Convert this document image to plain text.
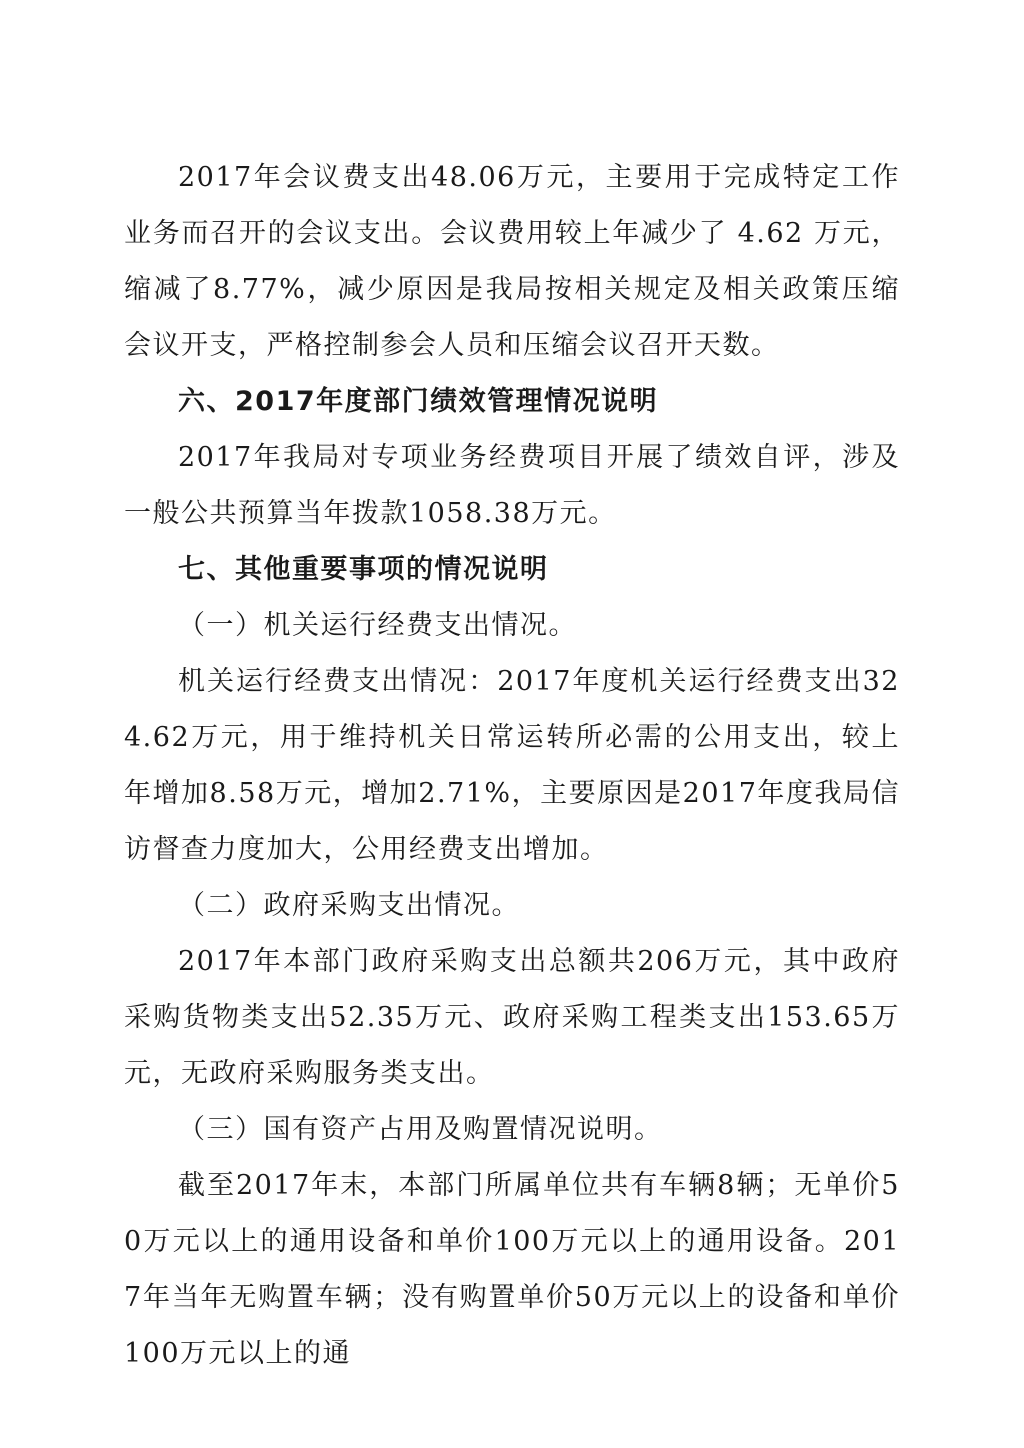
2017年会议费支出48.06万元，主要用于完成特定工作业务而召开的会议支出。会议费用较上年减少了 4.62 万元，缩减了8.77%，减少原因是我局按相关规定及相关政策压缩会议开支，严格控制参会人员和压缩会议召开天数。

六、2017年度部门绩效管理情况说明

2017年我局对专项业务经费项目开展了绩效自评，涉及一般公共预算当年拨款1058.38万元。

七、其他重要事项的情况说明

（一）机关运行经费支出情况。

机关运行经费支出情况：2017年度机关运行经费支出324.62万元，用于维持机关日常运转所必需的公用支出，较上年增加8.58万元，增加2.71%，主要原因是2017年度我局信访督查力度加大，公用经费支出增加。

（二）政府采购支出情况。

2017年本部门政府采购支出总额共206万元，其中政府采购货物类支出52.35万元、政府采购工程类支出153.65万元，无政府采购服务类支出。

（三）国有资产占用及购置情况说明。

截至2017年末，本部门所属单位共有车辆8辆；无单价50万元以上的通用设备和单价100万元以上的通用设备。2017年当年无购置车辆；没有购置单价50万元以上的设备和单价100万元以上的通
